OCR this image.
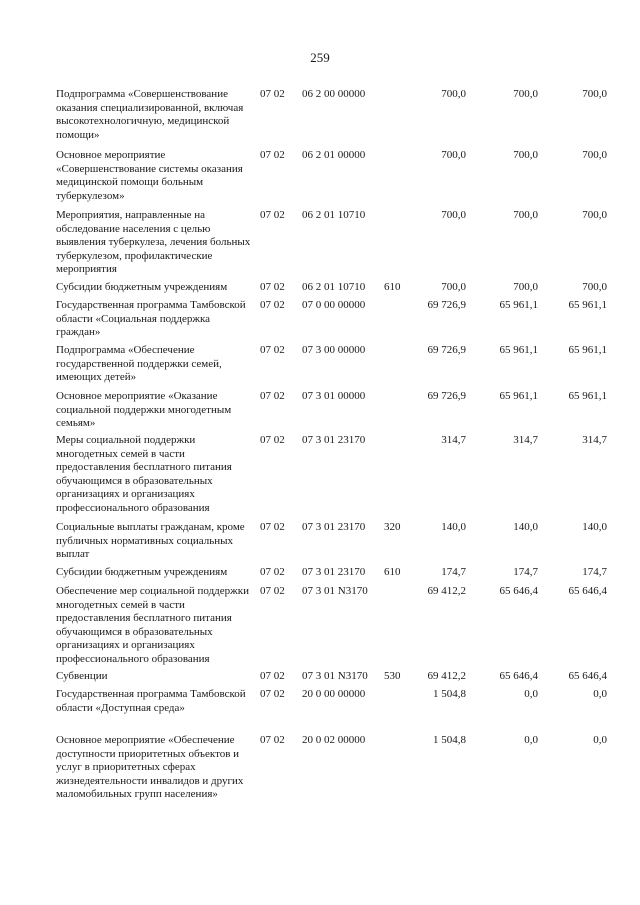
259
Подпрограмма «Совершенствование оказания специализированной, включая высокотехнологичную, медицинской помощи»
07 02	06 2 00 00000	700,0	700,0	700,0
Основное мероприятие «Совершенствование системы оказания медицинской помощи больным туберкулезом»
07 02	06 2 01 00000	700,0	700,0	700,0
Мероприятия, направленные на обследование населения с целью выявления туберкулеза, лечения больных туберкулезом, профилактические мероприятия
07 02	06 2 01 10710	700,0	700,0	700,0
Субсидии бюджетным учреждениям	07 02	06 2 01 10710	610	700,0	700,0	700,0
Государственная программа Тамбовской области «Социальная поддержка граждан»
07 02	07 0 00 00000	69 726,9	65 961,1	65 961,1
Подпрограмма «Обеспечение государственной поддержки семей, имеющих детей»
07 02	07 3 00 00000	69 726,9	65 961,1	65 961,1
Основное мероприятие «Оказание социальной поддержки многодетным семьям»
07 02	07 3 01 00000	69 726,9	65 961,1	65 961,1
Меры социальной поддержки многодетных семей в части предоставления бесплатного питания обучающимся в образовательных организациях и организациях профессионального образования
07 02	07 3 01 23170	314,7	314,7	314,7
Социальные выплаты гражданам, кроме публичных нормативных социальных выплат
07 02	07 3 01 23170	320	140,0	140,0	140,0
Субсидии бюджетным учреждениям	07 02	07 3 01 23170	610	174,7	174,7	174,7
Обеспечение мер социальной поддержки многодетных семей в части предоставления бесплатного питания обучающимся в образовательных организациях и организациях профессионального образования
07 02	07 3 01 N3170	69 412,2	65 646,4	65 646,4
Субвенции	07 02	07 3 01 N3170	530	69 412,2	65 646,4	65 646,4
Государственная программа Тамбовской области «Доступная среда»
07 02	20 0 00 00000	1 504,8	0,0	0,0
Основное мероприятие «Обеспечение доступности приоритетных объектов и услуг в приоритетных сферах жизнедеятельности инвалидов и других маломобильных групп населения»
07 02	20 0 02 00000	1 504,8	0,0	0,0
